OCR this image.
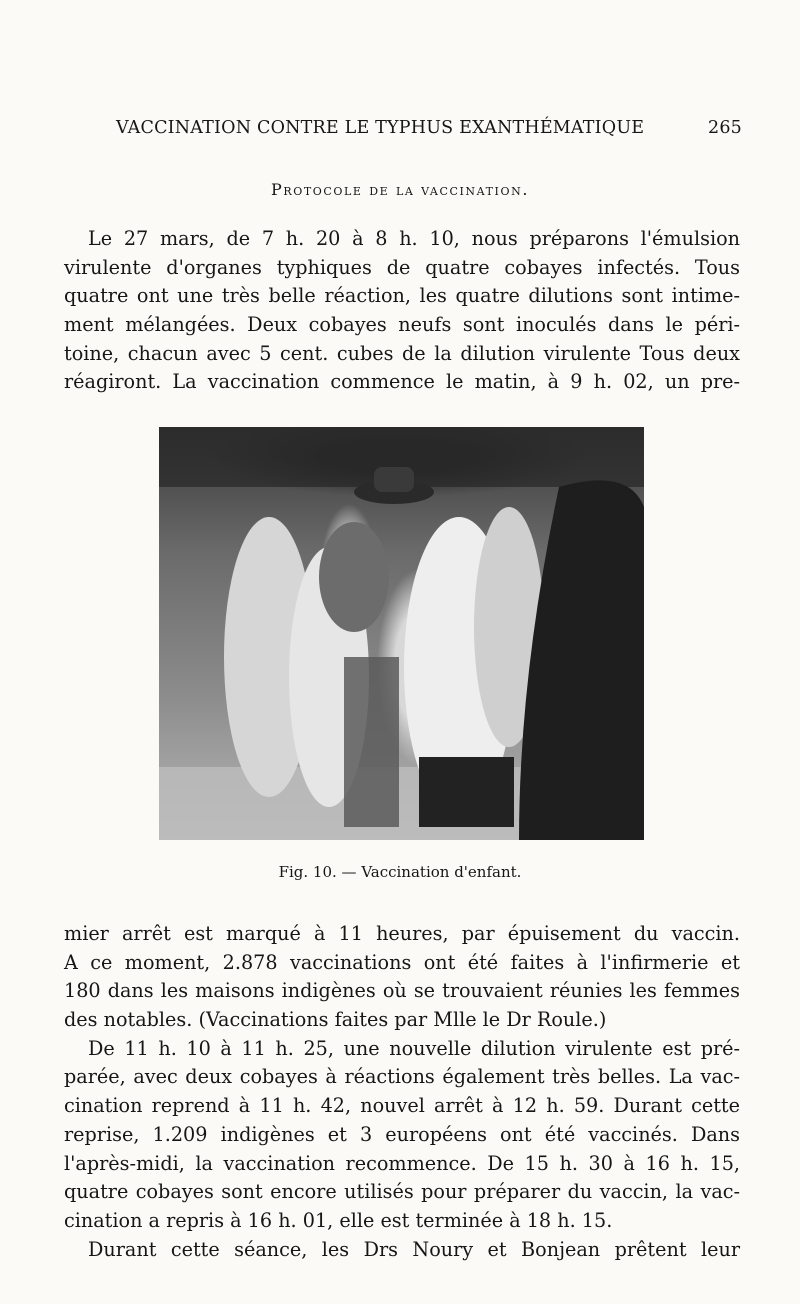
VACCINATION CONTRE LE TYPHUS EXANTHÉMATIQUE	265
Protocole de la vaccination.
Le 27 mars, de 7 h. 20 à 8 h. 10, nous préparons l'émulsion
virulente d'organes typhiques de quatre cobayes infectés. Tous
quatre ont une très belle réaction, les quatre dilutions sont intime-
ment mélangées. Deux cobayes neufs sont inoculés dans le péri-
toine, chacun avec 5 cent. cubes de la dilution virulente Tous deux
réagiront. La vaccination commence le matin, à 9 h. 02, un pre-
Fig. 10. — Vaccination d'enfant.
mier arrêt est marqué à 11 heures, par épuisement du vaccin.
A ce moment, 2.878 vaccinations ont été faites à l'infirmerie et
180 dans les maisons indigènes où se trouvaient réunies les femmes
des notables. (Vaccinations faites par Mlle le Dr Roule.)
De 11 h. 10 à 11 h. 25, une nouvelle dilution virulente est pré-
parée, avec deux cobayes à réactions également très belles. La vac-
cination reprend à 11 h. 42, nouvel arrêt à 12 h. 59. Durant cette
reprise, 1.209 indigènes et 3 européens ont été vaccinés. Dans
l'après-midi, la vaccination recommence. De 15 h. 30 à 16 h. 15,
quatre cobayes sont encore utilisés pour préparer du vaccin, la vac-
cination a repris à 16 h. 01, elle est terminée à 18 h. 15.
Durant cette séance, les Drs Noury et Bonjean prêtent leur
